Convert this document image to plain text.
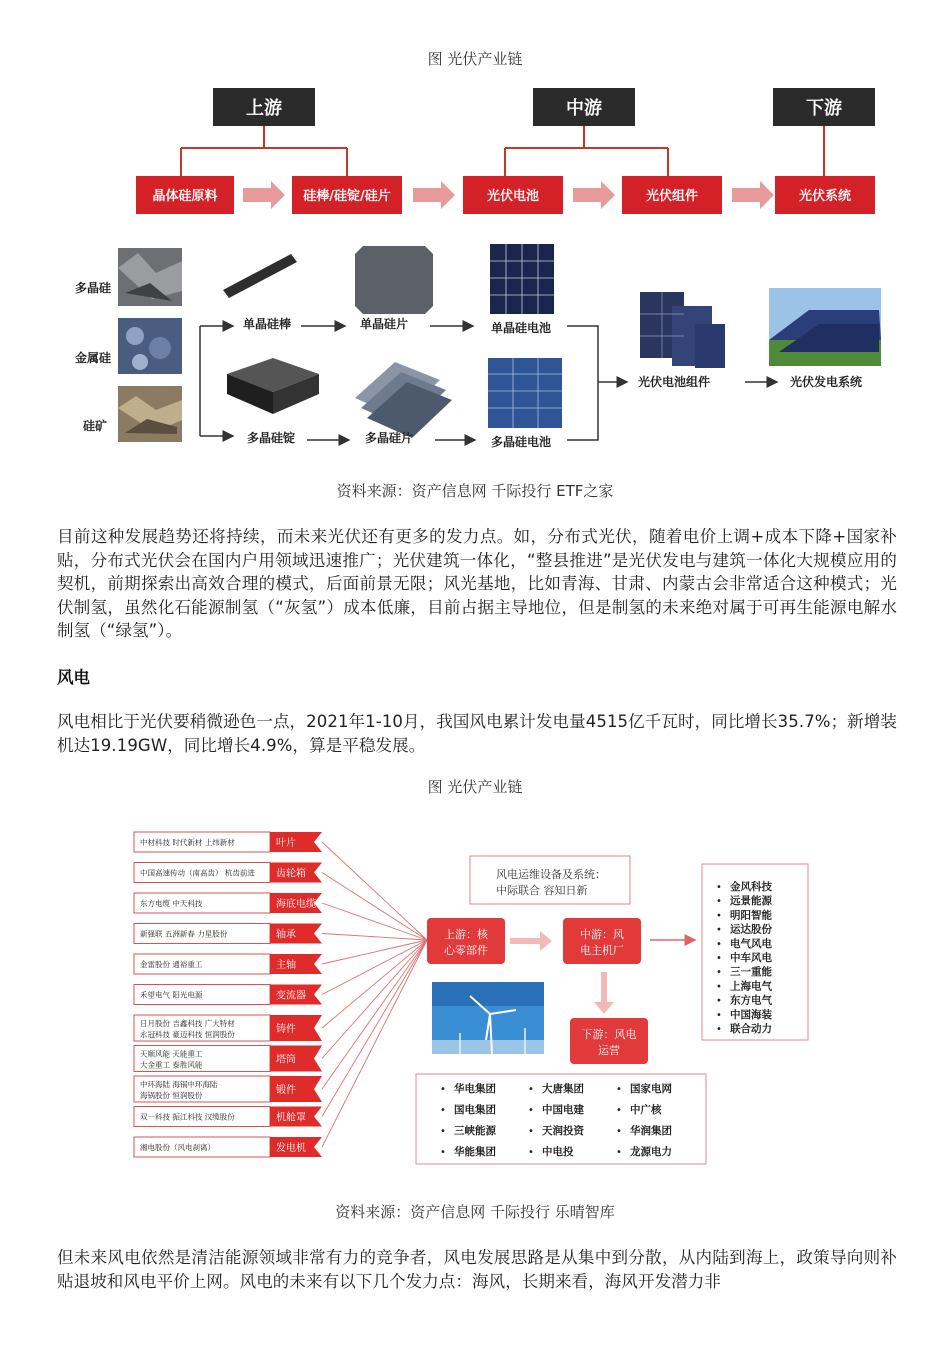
图 光伏产业链
上游	中游	下游
晶体硅原料	硅棒/硅锭/硅片	光伏电池	光伏组件	光伏系统
多晶硅
金属硅
硅矿
单晶硅棒	单晶硅片	单晶硅电池
多晶硅锭	多晶硅片	多晶硅电池
光伏电池组件	光伏发电系统
资料来源：资产信息网 千际投行 ETF之家
目前这种发展趋势还将持续，而未来光伏还有更多的发力点。如，分布式光伏，随着电价上调+成本下降+国家补贴，分布式光伏会在国内户用领域迅速推广；光伏建筑一体化，“整县推进”是光伏发电与建筑一体化大规模应用的契机，前期探索出高效合理的模式，后面前景无限；风光基地，比如青海、甘肃、内蒙古会非常适合这种模式；光伏制氢，虽然化石能源制氢（“灰氢”）成本低廉，目前占据主导地位，但是制氢的未来绝对属于可再生能源电解水制氢（“绿氢”）。
风电
风电相比于光伏要稍微逊色一点，2021年1-10月，我国风电累计发电量4515亿千瓦时，同比增长35.7%；新增装机达19.19GW，同比增长4.9%，算是平稳发展。
图 光伏产业链
中材科技 时代新材 上纬新材	叶片
中国高速传动（南高齿） 杭齿前进 齿轮箱
东方电缆 中天科技	海底电缆
新强联 五洲新春 力星股份	轴承
金雷股份 通裕重工	主轴
禾望电气 阳光电源	变流器
日月股份 吉鑫科技 广大特材
永冠科技 豪迈科技 恒润股份	铸件
天顺风能 天能重工
大金重工 泰胜风能	塔筒
中环海陆 海锅中环海陆
海锅股份 恒润股份	锻件
双一科技 振江科技 汉缆股份	机舱罩
湘电股份（风电刹离）	发电机
上游：核
心零部件
中游：风
电主机厂
下游：风电
运营
风电运维设备及系统：
中际联合 容知日新	• 金风科技
• 远景能源
• 明阳智能
• 运达股份
• 电气风电
• 中车风电
• 三一重能
• 上海电气
• 东方电气
• 中国海装
• 联合动力
• 华电集团	• 大唐集团	• 国家电网
• 国电集团	• 中国电建	• 中广核
• 三峡能源	• 天润投资	• 华润集团
• 华能集团	• 中电投	• 龙源电力
资料来源：资产信息网 千际投行 乐晴智库
但未来风电依然是清洁能源领域非常有力的竞争者，风电发展思路是从集中到分散，从内陆到海上，政策导向则补贴退坡和风电平价上网。风电的未来有以下几个发力点：海风，长期来看，海风开发潜力非
